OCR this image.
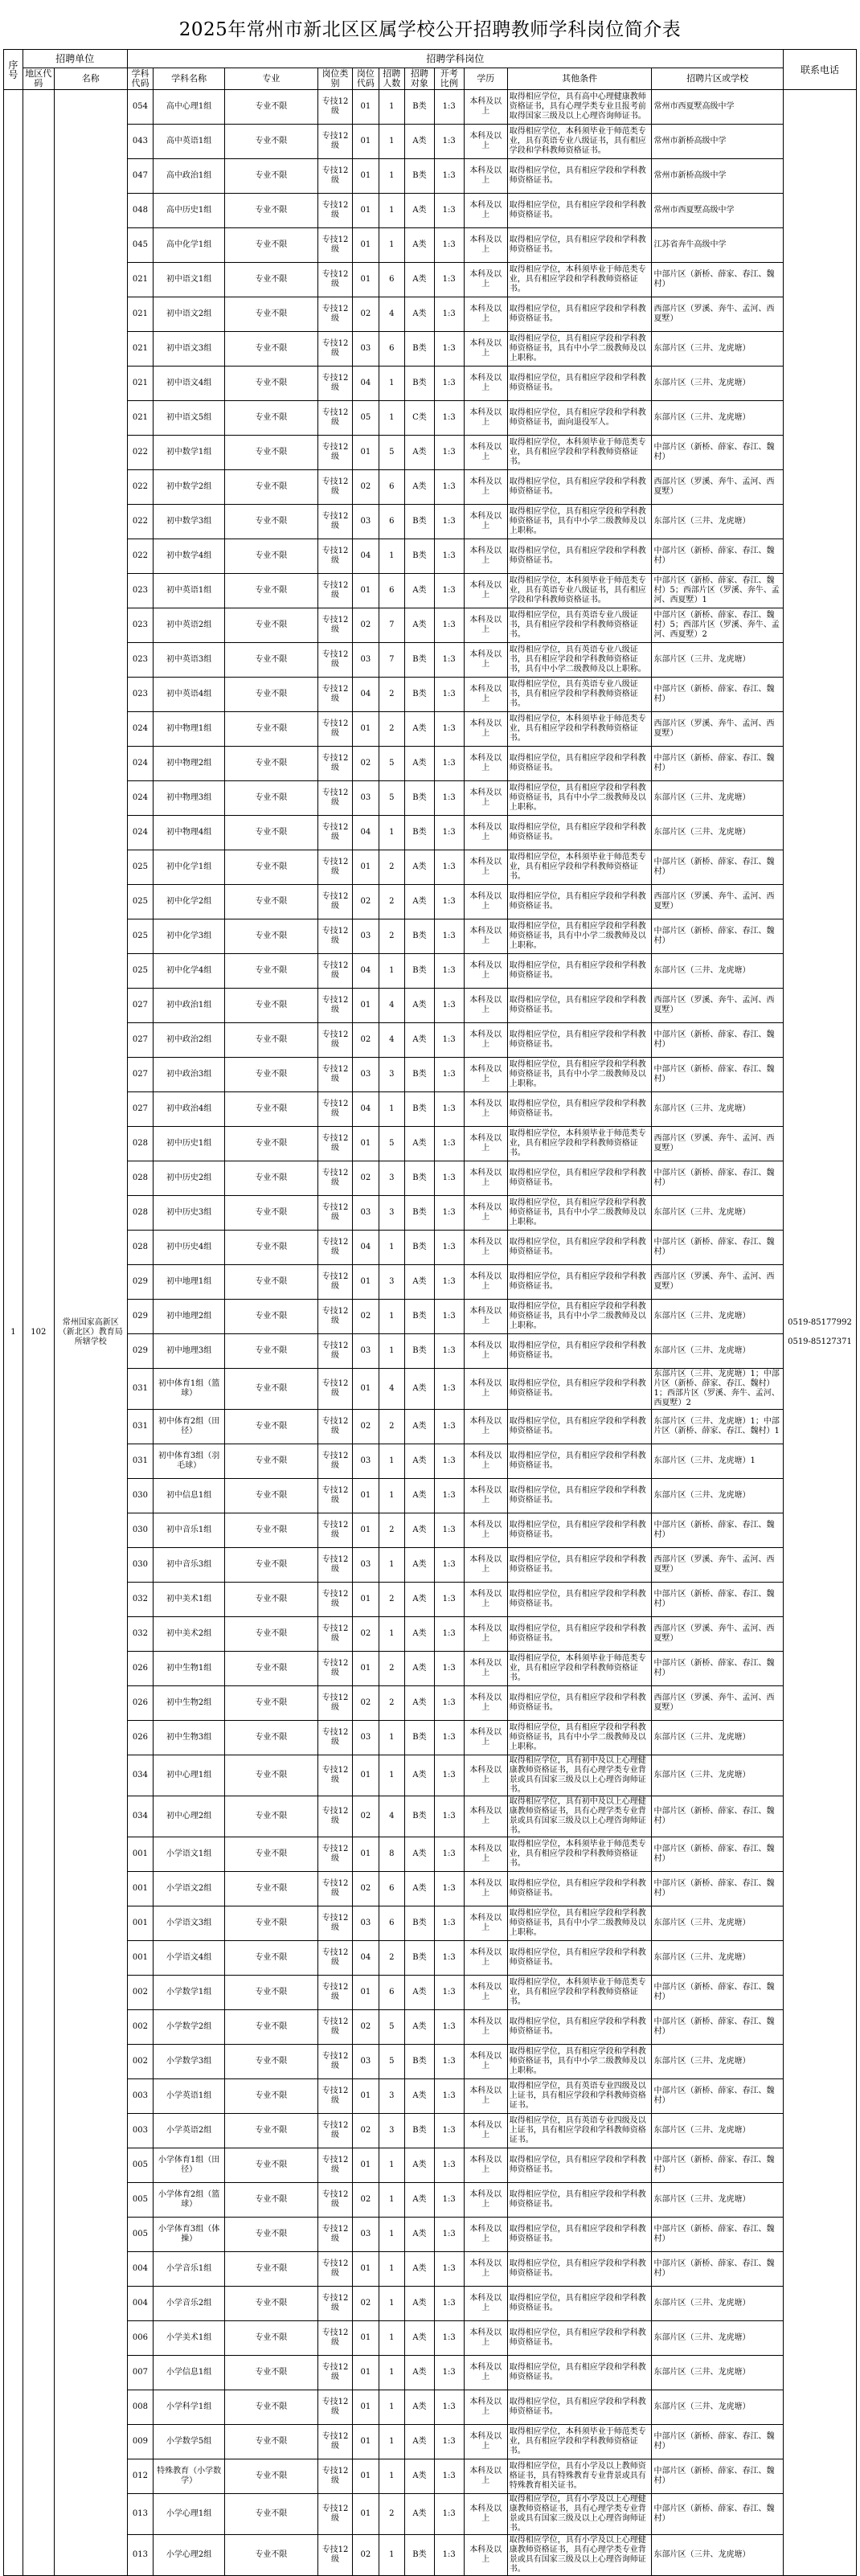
2025年常州市新北区区属学校公开招聘教师学科岗位简介表
序号	招聘单位		招聘学科岗位											联系电话
	地区代码	名称	学科代码	学科名称	专业	岗位类别	岗位代码	招聘人数	招聘对象	开考比例	学历	其他条件	招聘片区或学校	
1	102	常州国家高新区（新北区）教育局所辖学校	054	高中心理1组	专业不限	专技12级	01	1	B类	1:3	本科及以上	取得相应学位，具有高中心理健康教师资格证书，具有心理学类专业且报考前取得国家三级及以上心理咨询师证书。	常州市西夏墅高级中学	0519-85177992
0519-85127371

			043	高中英语1组	专业不限	专技12级	01	1	A类	1:3	本科及以上	取得相应学位，本科须毕业于师范类专业，具有英语专业八级证书，具有相应学段和学科教师资格证书。	常州市新桥高级中学	
			047	高中政治1组	专业不限	专技12级	01	1	B类	1:3	本科及以上	取得相应学位，具有相应学段和学科教师资格证书。	常州市新桥高级中学	
			048	高中历史1组	专业不限	专技12级	01	1	A类	1:3	本科及以上	取得相应学位，具有相应学段和学科教师资格证书。	常州市西夏墅高级中学	
			045	高中化学1组	专业不限	专技12级	01	1	A类	1:3	本科及以上	取得相应学位，具有相应学段和学科教师资格证书。	江苏省奔牛高级中学	
			021	初中语文1组	专业不限	专技12级	01	6	A类	1:3	本科及以上	取得相应学位，本科须毕业于师范类专业，具有相应学段和学科教师资格证书。	中部片区（新桥、薛家、春江、魏村）	
			021	初中语文2组	专业不限	专技12级	02	4	A类	1:3	本科及以上	取得相应学位，具有相应学段和学科教师资格证书。	西部片区（罗溪、奔牛、孟河、西夏墅）	
			021	初中语文3组	专业不限	专技12级	03	6	B类	1:3	本科及以上	取得相应学位，具有相应学段和学科教师资格证书，具有中小学二级教师及以上职称。	东部片区（三井、龙虎塘）	
			021	初中语文4组	专业不限	专技12级	04	1	B类	1:3	本科及以上	取得相应学位，具有相应学段和学科教师资格证书。	东部片区（三井、龙虎塘）	
			021	初中语文5组	专业不限	专技12级	05	1	C类	1:3	本科及以上	取得相应学位，具有相应学段和学科教师资格证书，面向退役军人。	东部片区（三井、龙虎塘）	
			022	初中数学1组	专业不限	专技12级	01	5	A类	1:3	本科及以上	取得相应学位，本科须毕业于师范类专业，具有相应学段和学科教师资格证书。	中部片区（新桥、薛家、春江、魏村）	
			022	初中数学2组	专业不限	专技12级	02	6	A类	1:3	本科及以上	取得相应学位，具有相应学段和学科教师资格证书。	西部片区（罗溪、奔牛、孟河、西夏墅）	
			022	初中数学3组	专业不限	专技12级	03	6	B类	1:3	本科及以上	取得相应学位，具有相应学段和学科教师资格证书，具有中小学二级教师及以上职称。	东部片区（三井、龙虎塘）	
			022	初中数学4组	专业不限	专技12级	04	1	B类	1:3	本科及以上	取得相应学位，具有相应学段和学科教师资格证书。	中部片区（新桥、薛家、春江、魏村）	
			023	初中英语1组	专业不限	专技12级	01	6	A类	1:3	本科及以上	取得相应学位，本科须毕业于师范类专业，具有英语专业八级证书，具有相应学段和学科教师资格证书。	中部片区（新桥、薛家、春江、魏村）5；西部片区（罗溪、奔牛、孟河、西夏墅）1	
			023	初中英语2组	专业不限	专技12级	02	7	A类	1:3	本科及以上	取得相应学位，具有英语专业八级证书，具有相应学段和学科教师资格证书。	中部片区（新桥、薛家、春江、魏村）5；西部片区（罗溪、奔牛、孟河、西夏墅）2	
			023	初中英语3组	专业不限	专技12级	03	7	B类	1:3	本科及以上	取得相应学位，具有英语专业八级证书，具有相应学段和学科教师资格证书，具有中小学二级教师及以上职称。	东部片区（三井、龙虎塘）	
			023	初中英语4组	专业不限	专技12级	04	2	B类	1:3	本科及以上	取得相应学位，具有英语专业八级证书，具有相应学段和学科教师资格证书。	中部片区（新桥、薛家、春江、魏村）	
			024	初中物理1组	专业不限	专技12级	01	2	A类	1:3	本科及以上	取得相应学位，本科须毕业于师范类专业，具有相应学段和学科教师资格证书。	西部片区（罗溪、奔牛、孟河、西夏墅）	
			024	初中物理2组	专业不限	专技12级	02	5	A类	1:3	本科及以上	取得相应学位，具有相应学段和学科教师资格证书。	中部片区（新桥、薛家、春江、魏村）	
			024	初中物理3组	专业不限	专技12级	03	5	B类	1:3	本科及以上	取得相应学位，具有相应学段和学科教师资格证书，具有中小学二级教师及以上职称。	东部片区（三井、龙虎塘）	
			024	初中物理4组	专业不限	专技12级	04	1	B类	1:3	本科及以上	取得相应学位，具有相应学段和学科教师资格证书。	东部片区（三井、龙虎塘）	
			025	初中化学1组	专业不限	专技12级	01	2	A类	1:3	本科及以上	取得相应学位，本科须毕业于师范类专业，具有相应学段和学科教师资格证书。	中部片区（新桥、薛家、春江、魏村）	
			025	初中化学2组	专业不限	专技12级	02	2	A类	1:3	本科及以上	取得相应学位，具有相应学段和学科教师资格证书。	西部片区（罗溪、奔牛、孟河、西夏墅）	
			025	初中化学3组	专业不限	专技12级	03	2	B类	1:3	本科及以上	取得相应学位，具有相应学段和学科教师资格证书，具有中小学二级教师及以上职称。	中部片区（新桥、薛家、春江、魏村）	
			025	初中化学4组	专业不限	专技12级	04	1	B类	1:3	本科及以上	取得相应学位，具有相应学段和学科教师资格证书。	东部片区（三井、龙虎塘）	
			027	初中政治1组	专业不限	专技12级	01	4	A类	1:3	本科及以上	取得相应学位，具有相应学段和学科教师资格证书。	西部片区（罗溪、奔牛、孟河、西夏墅）	
			027	初中政治2组	专业不限	专技12级	02	4	A类	1:3	本科及以上	取得相应学位，具有相应学段和学科教师资格证书。	中部片区（新桥、薛家、春江、魏村）	
			027	初中政治3组	专业不限	专技12级	03	3	B类	1:3	本科及以上	取得相应学位，具有相应学段和学科教师资格证书，具有中小学二级教师及以上职称。	中部片区（新桥、薛家、春江、魏村）	
			027	初中政治4组	专业不限	专技12级	04	1	B类	1:3	本科及以上	取得相应学位，具有相应学段和学科教师资格证书。	东部片区（三井、龙虎塘）	
			028	初中历史1组	专业不限	专技12级	01	5	A类	1:3	本科及以上	取得相应学位，本科须毕业于师范类专业，具有相应学段和学科教师资格证书。	西部片区（罗溪、奔牛、孟河、西夏墅）	
			028	初中历史2组	专业不限	专技12级	02	3	B类	1:3	本科及以上	取得相应学位，具有相应学段和学科教师资格证书。	中部片区（新桥、薛家、春江、魏村）	
			028	初中历史3组	专业不限	专技12级	03	3	B类	1:3	本科及以上	取得相应学位，具有相应学段和学科教师资格证书，具有中小学二级教师及以上职称。	东部片区（三井、龙虎塘）	
			028	初中历史4组	专业不限	专技12级	04	1	B类	1:3	本科及以上	取得相应学位，具有相应学段和学科教师资格证书。	中部片区（新桥、薛家、春江、魏村）	
			029	初中地理1组	专业不限	专技12级	01	3	A类	1:3	本科及以上	取得相应学位，具有相应学段和学科教师资格证书。	西部片区（罗溪、奔牛、孟河、西夏墅）	
			029	初中地理2组	专业不限	专技12级	02	1	B类	1:3	本科及以上	取得相应学位，具有相应学段和学科教师资格证书，具有中小学二级教师及以上职称。	东部片区（三井、龙虎塘）	
			029	初中地理3组	专业不限	专技12级	03	1	B类	1:3	本科及以上	取得相应学位，具有相应学段和学科教师资格证书。	东部片区（三井、龙虎塘）	
			031	初中体育1组（篮球）	专业不限	专技12级	01	4	A类	1:3	本科及以上	取得相应学位，具有相应学段和学科教师资格证书。	东部片区（三井、龙虎塘）1；中部片区（新桥、薛家、春江、魏村）1；西部片区（罗溪、奔牛、孟河、西夏墅）2	
			031	初中体育2组（田径）	专业不限	专技12级	02	2	A类	1:3	本科及以上	取得相应学位，具有相应学段和学科教师资格证书。	东部片区（三井、龙虎塘）1；中部片区（新桥、薛家、春江、魏村）1	
			031	初中体育3组（羽毛球）	专业不限	专技12级	03	1	A类	1:3	本科及以上	取得相应学位，具有相应学段和学科教师资格证书。	东部片区（三井、龙虎塘）1	
			030	初中信息1组	专业不限	专技12级	01	1	A类	1:3	本科及以上	取得相应学位，具有相应学段和学科教师资格证书。	东部片区（三井、龙虎塘）	
			030	初中音乐1组	专业不限	专技12级	01	2	A类	1:3	本科及以上	取得相应学位，具有相应学段和学科教师资格证书。	中部片区（新桥、薛家、春江、魏村）	
			030	初中音乐3组	专业不限	专技12级	03	1	A类	1:3	本科及以上	取得相应学位，具有相应学段和学科教师资格证书。	西部片区（罗溪、奔牛、孟河、西夏墅）	
			032	初中美术1组	专业不限	专技12级	01	2	A类	1:3	本科及以上	取得相应学位，具有相应学段和学科教师资格证书。	中部片区（新桥、薛家、春江、魏村）	
			032	初中美术2组	专业不限	专技12级	02	1	A类	1:3	本科及以上	取得相应学位，具有相应学段和学科教师资格证书。	西部片区（罗溪、奔牛、孟河、西夏墅）	
			026	初中生物1组	专业不限	专技12级	01	2	A类	1:3	本科及以上	取得相应学位，本科须毕业于师范类专业，具有相应学段和学科教师资格证书。	中部片区（新桥、薛家、春江、魏村）	
			026	初中生物2组	专业不限	专技12级	02	2	A类	1:3	本科及以上	取得相应学位，具有相应学段和学科教师资格证书。	西部片区（罗溪、奔牛、孟河、西夏墅）	
			026	初中生物3组	专业不限	专技12级	03	1	B类	1:3	本科及以上	取得相应学位，具有相应学段和学科教师资格证书，具有中小学二级教师及以上职称。	东部片区（三井、龙虎塘）	
			034	初中心理1组	专业不限	专技12级	01	1	A类	1:3	本科及以上	取得相应学位，具有初中及以上心理健康教师资格证书，具有心理学类专业背景或具有国家三级及以上心理咨询师证书。	东部片区（三井、龙虎塘）	
			034	初中心理2组	专业不限	专技12级	02	4	B类	1:3	本科及以上	取得相应学位，具有初中及以上心理健康教师资格证书，具有心理学类专业背景或具有国家三级及以上心理咨询师证书。	中部片区（新桥、薛家、春江、魏村）	
			001	小学语文1组	专业不限	专技12级	01	8	A类	1:3	本科及以上	取得相应学位，本科须毕业于师范类专业，具有相应学段和学科教师资格证书。	中部片区（新桥、薛家、春江、魏村）	
			001	小学语文2组	专业不限	专技12级	02	6	A类	1:3	本科及以上	取得相应学位，具有相应学段和学科教师资格证书。	中部片区（新桥、薛家、春江、魏村）	
			001	小学语文3组	专业不限	专技12级	03	6	B类	1:3	本科及以上	取得相应学位，具有相应学段和学科教师资格证书，具有中小学二级教师及以上职称。	东部片区（三井、龙虎塘）	
			001	小学语文4组	专业不限	专技12级	04	2	B类	1:3	本科及以上	取得相应学位，具有相应学段和学科教师资格证书。	东部片区（三井、龙虎塘）	
			002	小学数学1组	专业不限	专技12级	01	6	A类	1:3	本科及以上	取得相应学位，本科须毕业于师范类专业，具有相应学段和学科教师资格证书。	中部片区（新桥、薛家、春江、魏村）	
			002	小学数学2组	专业不限	专技12级	02	5	A类	1:3	本科及以上	取得相应学位，具有相应学段和学科教师资格证书。	中部片区（新桥、薛家、春江、魏村）	
			002	小学数学3组	专业不限	专技12级	03	5	B类	1:3	本科及以上	取得相应学位，具有相应学段和学科教师资格证书，具有中小学二级教师及以上职称。	东部片区（三井、龙虎塘）	
			003	小学英语1组	专业不限	专技12级	01	3	A类	1:3	本科及以上	取得相应学位，具有英语专业四级及以上证书，具有相应学段和学科教师资格证书。	中部片区（新桥、薛家、春江、魏村）	
			003	小学英语2组	专业不限	专技12级	02	3	B类	1:3	本科及以上	取得相应学位，具有英语专业四级及以上证书，具有相应学段和学科教师资格证书。	东部片区（三井、龙虎塘）	
			005	小学体育1组（田径）	专业不限	专技12级	01	1	A类	1:3	本科及以上	取得相应学位，具有相应学段和学科教师资格证书。	中部片区（新桥、薛家、春江、魏村）	
			005	小学体育2组（篮球）	专业不限	专技12级	02	1	A类	1:3	本科及以上	取得相应学位，具有相应学段和学科教师资格证书。	东部片区（三井、龙虎塘）	
			005	小学体育3组（体操）	专业不限	专技12级	03	1	A类	1:3	本科及以上	取得相应学位，具有相应学段和学科教师资格证书。	中部片区（新桥、薛家、春江、魏村）	
			004	小学音乐1组	专业不限	专技12级	01	1	A类	1:3	本科及以上	取得相应学位，具有相应学段和学科教师资格证书。	中部片区（新桥、薛家、春江、魏村）	
			004	小学音乐2组	专业不限	专技12级	02	1	A类	1:3	本科及以上	取得相应学位，具有相应学段和学科教师资格证书。	东部片区（三井、龙虎塘）	
			006	小学美术1组	专业不限	专技12级	01	1	A类	1:3	本科及以上	取得相应学位，具有相应学段和学科教师资格证书。	东部片区（三井、龙虎塘）	
			007	小学信息1组	专业不限	专技12级	01	1	A类	1:3	本科及以上	取得相应学位，具有相应学段和学科教师资格证书。	东部片区（三井、龙虎塘）	
			008	小学科学1组	专业不限	专技12级	01	1	A类	1:3	本科及以上	取得相应学位，具有相应学段和学科教师资格证书。	东部片区（三井、龙虎塘）	
			009	小学数学5组	专业不限	专技12级	01	1	A类	1:3	本科及以上	取得相应学位，本科须毕业于师范类专业，具有相应学段和学科教师资格证书。	中部片区（新桥、薛家、春江、魏村）	
			012	特殊教育（小学数学）	专业不限	专技12级	01	1	A类	1:3	本科及以上	取得相应学位，具有小学及以上教师资格证书，具有特殊教育专业背景或具有特殊教育相关证书。	中部片区（新桥、薛家、春江、魏村）	
			013	小学心理1组	专业不限	专技12级	01	2	A类	1:3	本科及以上	取得相应学位，具有小学及以上心理健康教师资格证书，具有心理学类专业背景或具有国家三级及以上心理咨询师证书。	中部片区（新桥、薛家、春江、魏村）	
			013	小学心理2组	专业不限	专技12级	02	1	B类	1:3	本科及以上	取得相应学位，具有小学及以上心理健康教师资格证书，具有心理学类专业背景或具有国家三级及以上心理咨询师证书。	东部片区（三井、龙虎塘）	
